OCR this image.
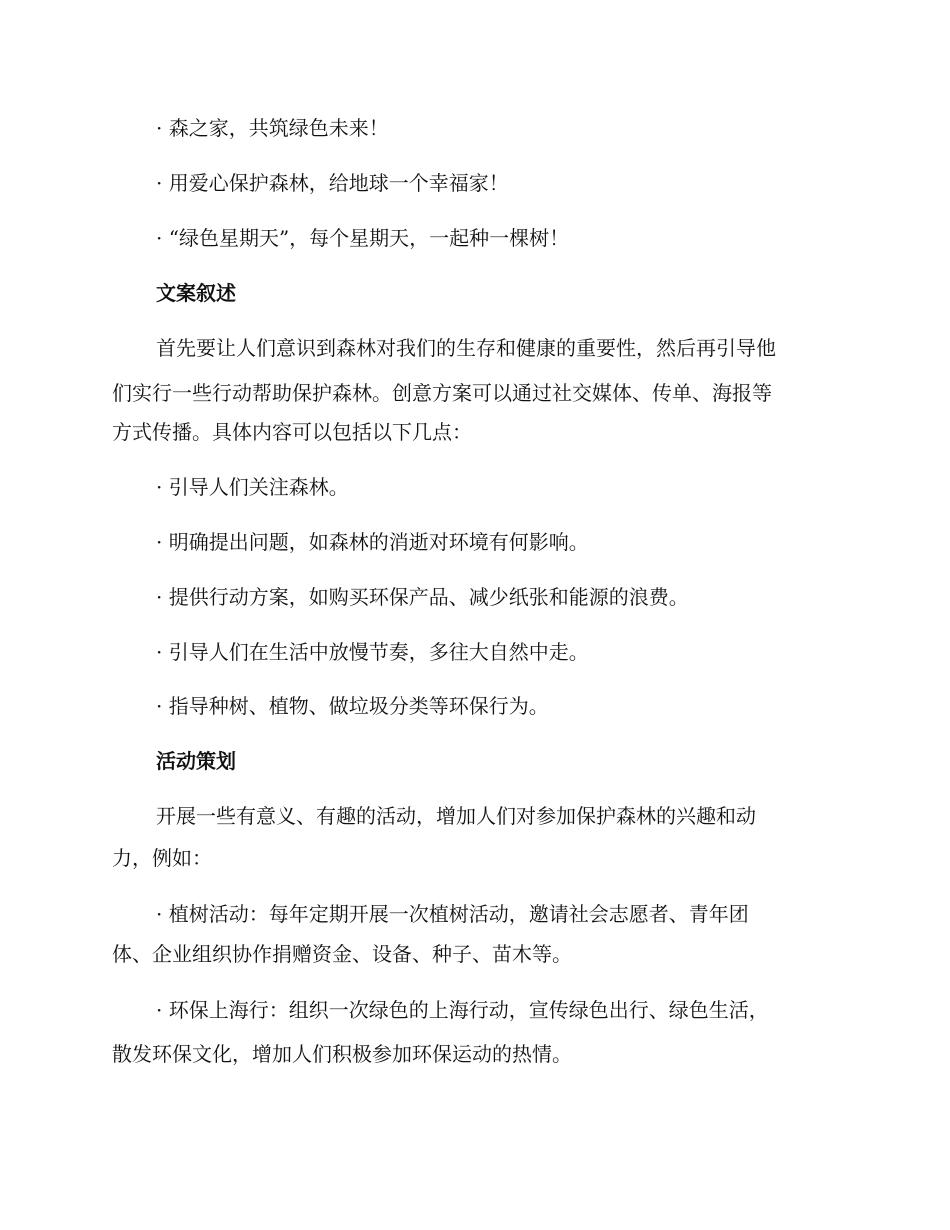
· 森之家，共筑绿色未来！
· 用爱心保护森林，给地球一个幸福家！
· “绿色星期天”，每个星期天，一起种一棵树！
文案叙述
首先要让人们意识到森林对我们的生存和健康的重要性，然后再引导他
们实行一些行动帮助保护森林。创意方案可以通过社交媒体、传单、海报等
方式传播。具体内容可以包括以下几点：
· 引导人们关注森林。
· 明确提出问题，如森林的消逝对环境有何影响。
· 提供行动方案，如购买环保产品、减少纸张和能源的浪费。
· 引导人们在生活中放慢节奏，多往大自然中走。
· 指导种树、植物、做垃圾分类等环保行为。
活动策划
开展一些有意义、有趣的活动，增加人们对参加保护森林的兴趣和动
力，例如：
· 植树活动：每年定期开展一次植树活动，邀请社会志愿者、青年团
体、企业组织协作捐赠资金、设备、种子、苗木等。
· 环保上海行：组织一次绿色的上海行动，宣传绿色出行、绿色生活，
散发环保文化，增加人们积极参加环保运动的热情。
